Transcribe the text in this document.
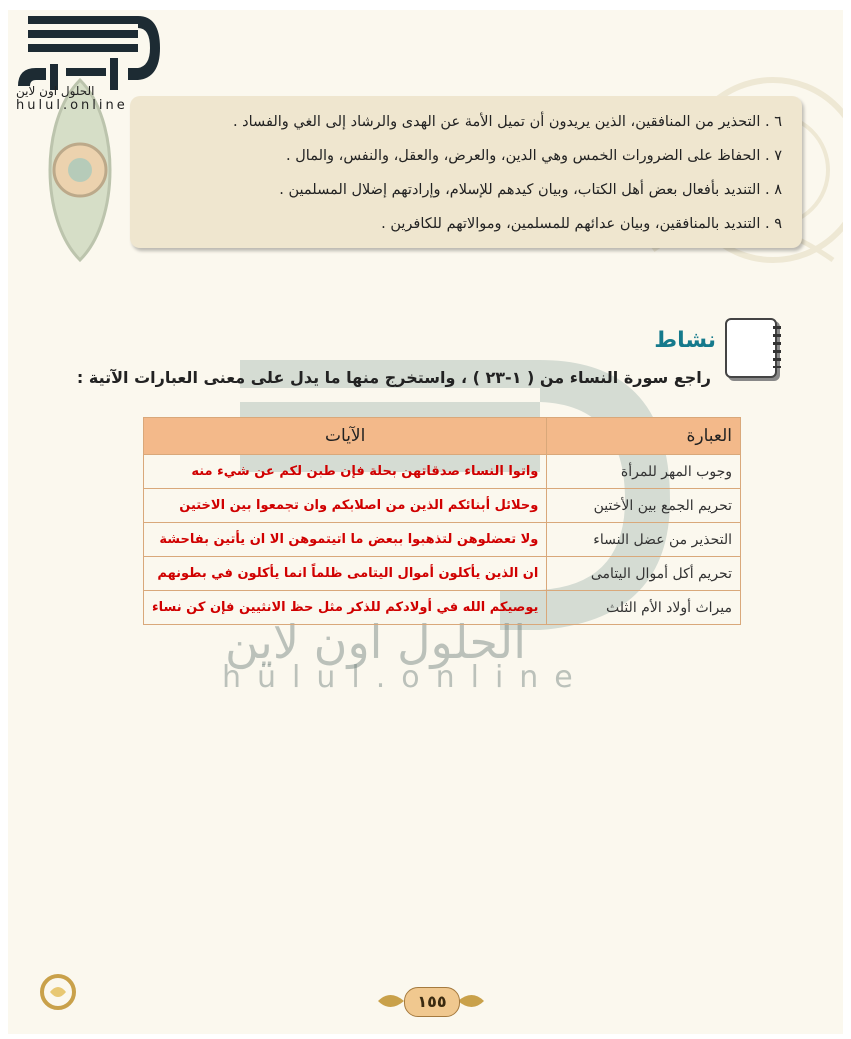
الحلول اون لاين
hulul.online
٦ . التحذير من المنافقين، الذين يريدون أن تميل الأمة عن الهدى والرشاد إلى الغي والفساد .
٧ . الحفاظ على الضرورات الخمس وهي الدين، والعرض، والعقل، والنفس، والمال .
٨ . التنديد بأفعال بعض أهل الكتاب، وبيان كيدهم للإسلام، وإرادتهم إضلال المسلمين .
٩ . التنديد بالمنافقين، وبيان عدائهم للمسلمين، وموالاتهم للكافرين .
الحلول اون لاين
hülul.online
نشاط
راجع سورة النساء من ( ١-٢٣ ) ، واستخرج منها ما يدل على معنى العبارات الآتية :
العبارة	الآيات
وجوب المهر للمرأة	واتوا النساء صدقاتهن بحلة فإن طبن لكم عن شيء منه
تحريم الجمع بين الأختين	وحلائل أبنائكم الذين من اصلابكم وان تجمعوا بين الاختين
التحذير من عضل النساء	ولا تعضلوهن لتذهبوا ببعض ما اتيتموهن الا ان يأتين بفاحشة
تحريم أكل أموال اليتامى	ان الذين يأكلون أموال اليتامى ظلماً انما يأكلون في بطونهم
ميراث أولاد الأم الثلث	يوصيكم الله في أولادكم للذكر مثل حظ الانثيين فإن كن نساء
١٥٥
